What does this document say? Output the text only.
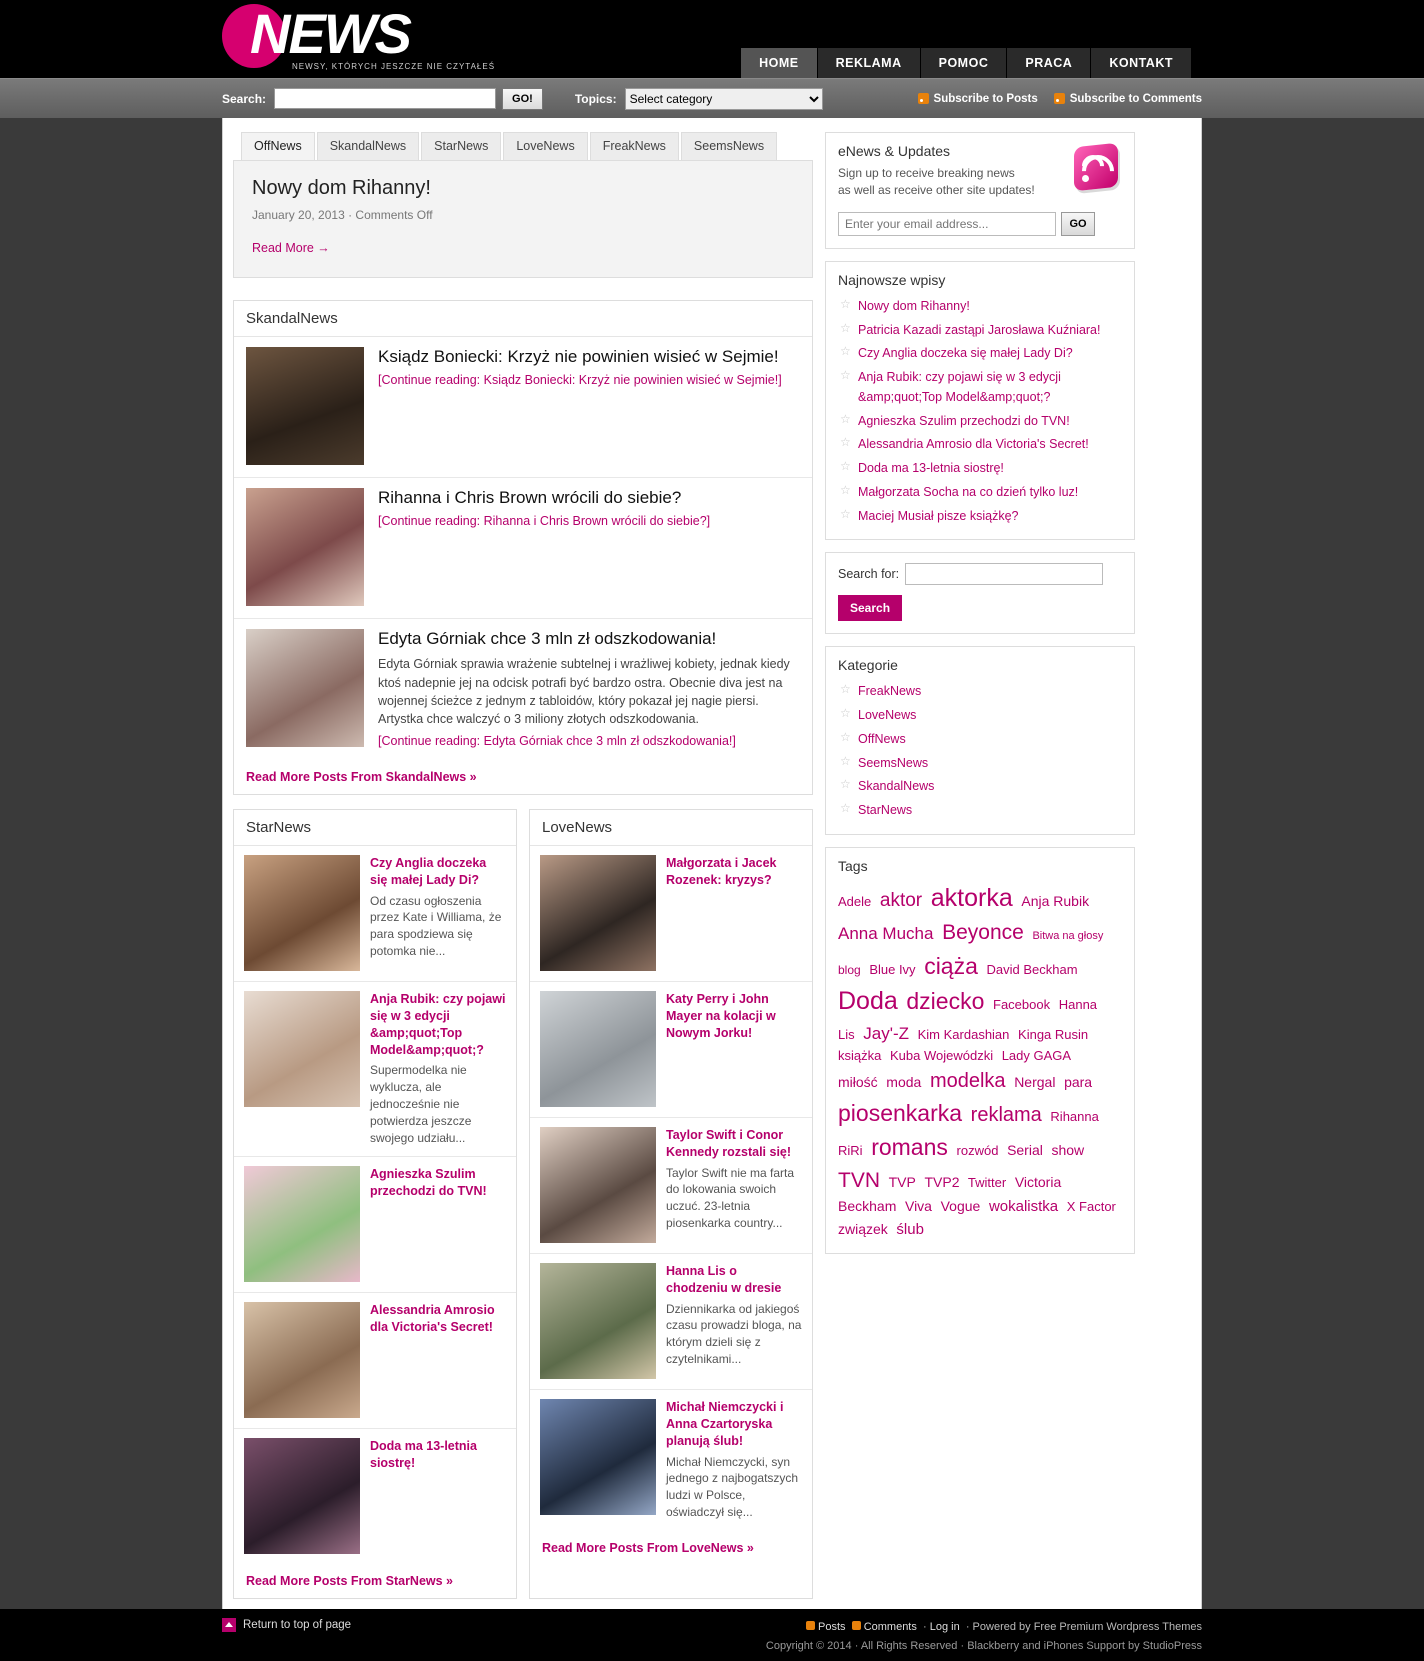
NEWS
NEWSY, KTÓRYCH JESZCZE NIE CZYTAŁEŚ	HOME	REKLAMA	POMOC	PRACA	KONTAKT
Search:	GO!	Topics:
Select category	Subscribe to Posts	Subscribe to Comments
OffNews	SkandalNews	StarNews	LoveNews	FreakNews	SeemsNews
Nowy dom Rihanny!
January 20, 2013 · Comments Off
Read More →
SkandalNews
Ksiądz Boniecki: Krzyż nie powinien wisieć w Sejmie!
[Continue reading: Ksiądz Boniecki: Krzyż nie powinien wisieć w Sejmie!]
Rihanna i Chris Brown wrócili do siebie?
[Continue reading: Rihanna i Chris Brown wrócili do siebie?]
Edyta Górniak chce 3 mln zł odszkodowania!

Edyta Górniak sprawia wrażenie subtelnej i wrażliwej kobiety, jednak kiedy ktoś nadepnie jej na odcisk potrafi być bardzo ostra. Obecnie diva jest na wojennej ścieżce z jednym z tabloidów, który pokazał jej nagie piersi. Artystka chce walczyć o 3 miliony złotych odszkodowania.

[Continue reading: Edyta Górniak chce 3 mln zł odszkodowania!]
Read More Posts From SkandalNews »
StarNews
Czy Anglia doczeka się małej Lady Di?

Od czasu ogłoszenia przez Kate i Williama, że para spodziewa się potomka nie...

Anja Rubik: czy pojawi się w 3 edycji &amp;quot;Top Model&amp;quot;?

Supermodelka nie wyklucza, ale jednocześnie nie potwierdza jeszcze swojego udziału...

Agnieszka Szulim przechodzi do TVN!

Alessandria Amrosio dla Victoria's Secret!

Doda ma 13-letnia siostrę!

Read More Posts From StarNews »
LoveNews
Małgorzata i Jacek Rozenek: kryzys?

Katy Perry i John Mayer na kolacji w Nowym Jorku!

Taylor Swift i Conor Kennedy rozstali się!

Taylor Swift nie ma farta do lokowania swoich uczuć. 23-letnia piosenkarka country...

Hanna Lis o chodzeniu w dresie

Dziennikarka od jakiegoś czasu prowadzi bloga, na którym dzieli się z czytelnikami...

Michał Niemczycki i Anna Czartoryska planują ślub!

Michał Niemczycki, syn jednego z najbogatszych ludzi w Polsce, oświadczył się...

Read More Posts From LoveNews »
eNews & Updates

Sign up to receive breaking news

as well as receive other site updates!

Enter your email address...
GO
Najnowsze wpisy
☆ Nowy dom Rihanny!
☆ Patricia Kazadi zastąpi Jarosława Kuźniara!
☆ Czy Anglia doczeka się małej Lady Di?
☆ Anja Rubik: czy pojawi się w 3 edycji &amp;quot;Top Model&amp;quot;?
☆ Agnieszka Szulim przechodzi do TVN!
☆ Alessandria Amrosio dla Victoria's Secret!
☆ Doda ma 13-letnia siostrę!
☆ Małgorzata Socha na co dzień tylko luz!
☆ Maciej Musiał pisze książkę?
Search for:
Search
Kategorie
☆ FreakNews
☆ LoveNews
☆ OffNews
☆ SeemsNews
☆ SkandalNews
☆ StarNews
Tags
Adele aktor aktorka Anja Rubik Anna Mucha Beyonce Bitwa na głosy blog Blue Ivy ciąża David Beckham Doda dziecko Facebook Hanna Lis Jay'-Z Kim Kardashian Kinga Rusin książka Kuba Wojewódzki Lady GAGA miłość moda modelka Nergal para piosenkarka reklama Rihanna RiRi romans rozwód Serial show TVN TVP TVP2 Twitter Victoria Beckham Viva Vogue wokalistka X Factor związek ślub
Return to top of page	Posts Comments  · Log in  · Powered by Free Premium Wordpress Themes
Copyright © 2014 · All Rights Reserved · Blackberry and iPhones Support by StudioPress
